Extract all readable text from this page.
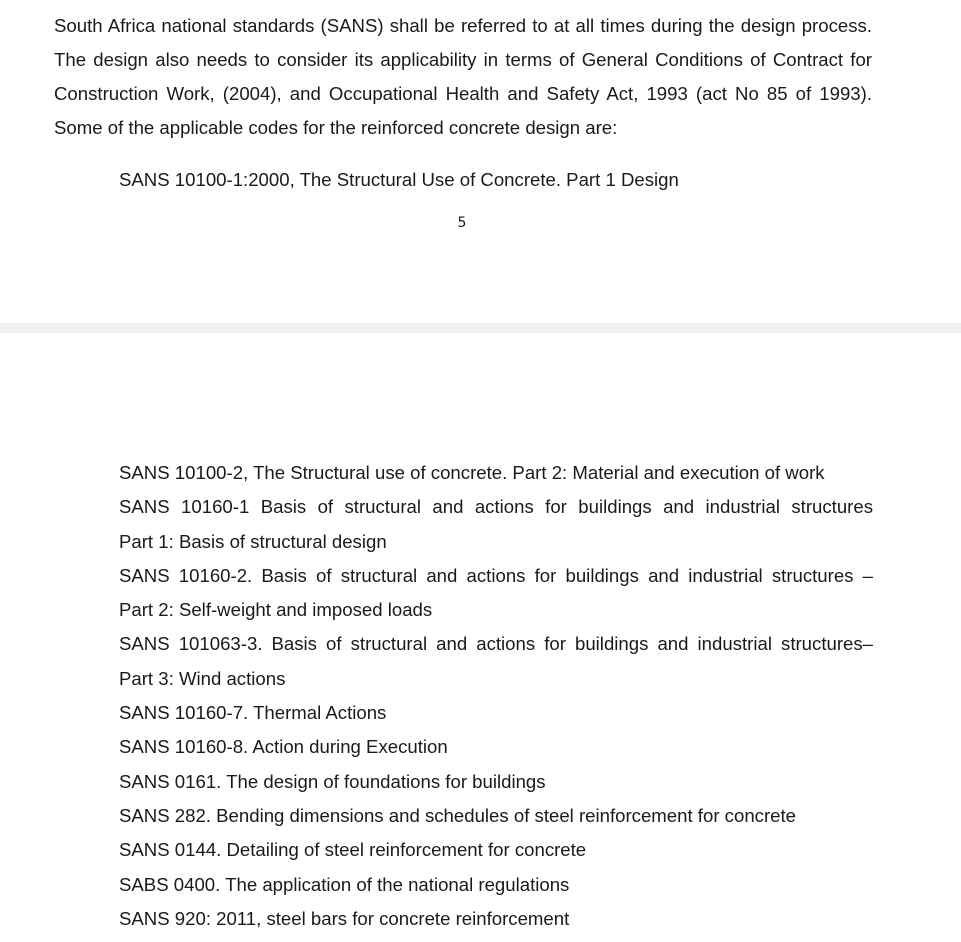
South Africa national standards (SANS) shall be referred to at all times during the design process. The design also needs to consider its applicability in terms of General Conditions of Contract for Construction Work, (2004), and Occupational Health and Safety Act, 1993 (act No 85 of 1993). Some of the applicable codes for the reinforced concrete design are:

SANS 10100-1:2000, The Structural Use of Concrete. Part 1 Design

5
SANS 10100-2, The Structural use of concrete. Part 2: Material and execution of work
SANS 10160-1 Basis of structural and actions for buildings and industrial structures
Part 1: Basis of structural design
SANS 10160-2. Basis of structural and actions for buildings and industrial structures –
Part 2: Self-weight and imposed loads
SANS 101063-3. Basis of structural and actions for buildings and industrial structures–
Part 3: Wind actions
SANS 10160-7. Thermal Actions
SANS 10160-8. Action during Execution
SANS 0161. The design of foundations for buildings
SANS 282. Bending dimensions and schedules of steel reinforcement for concrete
SANS 0144. Detailing of steel reinforcement for concrete
SABS 0400. The application of the national regulations
SANS 920: 2011, steel bars for concrete reinforcement
